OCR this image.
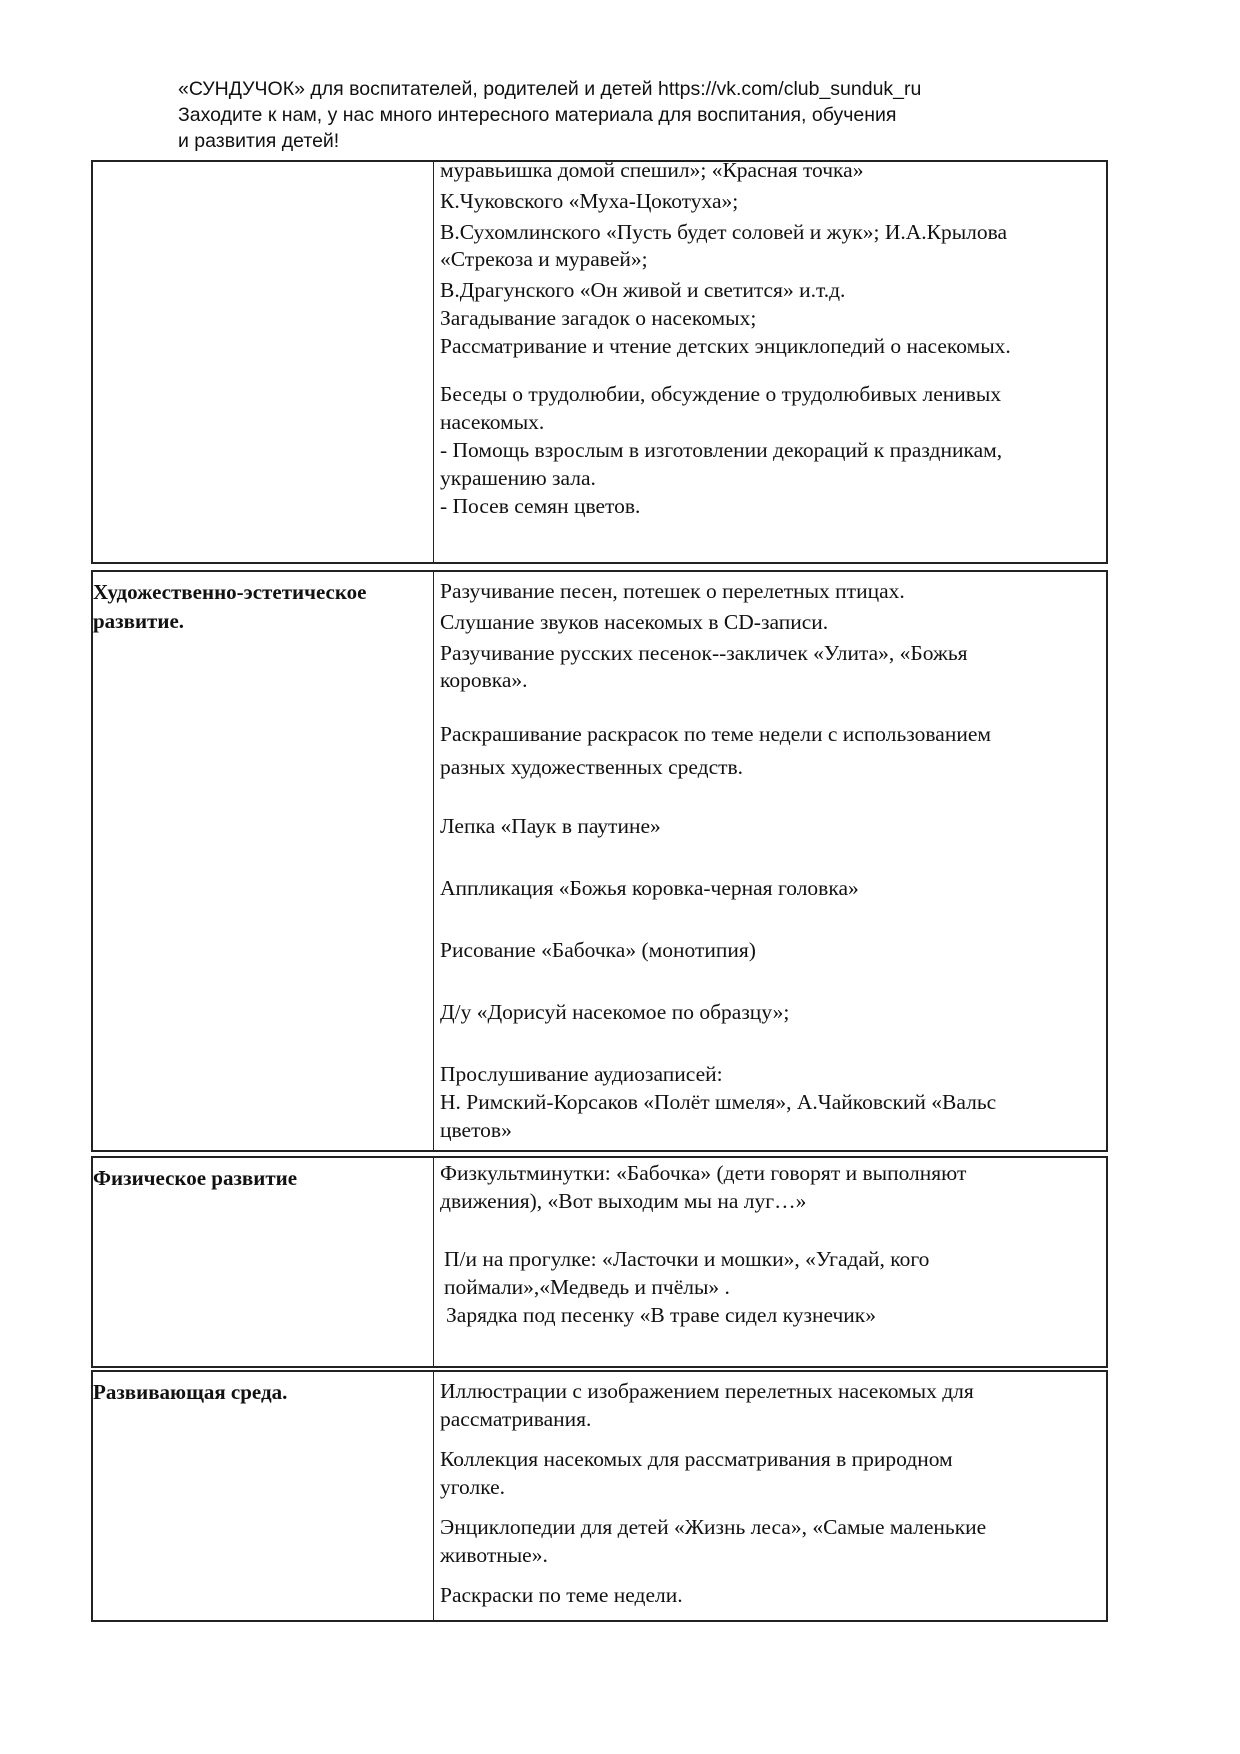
«СУНДУЧОК» для воспитателей, родителей и детей https://vk.com/club_sunduk_ru
Заходите к нам, у нас много интересного материала для воспитания, обучения
и развития детей!
муравьишка домой спешил»; «Красная точка»
К.Чуковского «Муха-Цокотуха»;
В.Сухомлинского «Пусть будет соловей и жук»; И.А.Крылова
«Стрекоза и муравей»;
В.Драгунского «Он живой и светится» и.т.д.
Загадывание загадок о насекомых;
Рассматривание и чтение детских энциклопедий о насекомых.
Беседы о трудолюбии, обсуждение о трудолюбивых ленивых
насекомых.
- Помощь взрослым в изготовлении декораций к праздникам,
украшению зала.
- Посев семян цветов.
Художественно-эстетическое
развитие.
Разучивание песен, потешек о перелетных птицах.
Слушание звуков насекомых в CD-записи.
Разучивание русских песенок--закличек «Улита», «Божья
коровка».
Раскрашивание раскрасок по теме недели с использованием
разных художественных средств.
Лепка «Паук в паутине»
Аппликация «Божья коровка-черная головка»
Рисование «Бабочка» (монотипия)
Д/у «Дорисуй насекомое по образцу»;
Прослушивание аудиозаписей:
Н. Римский-Корсаков «Полёт шмеля», А.Чайковский «Вальс
цветов»
Физическое развитие	Физкультминутки: «Бабочка» (дети говорят и выполняют
движения), «Вот выходим мы на луг…»
П/и на прогулке: «Ласточки и мошки», «Угадай, кого
поймали»,«Медведь и пчёлы» .
Зарядка под песенку «В траве сидел кузнечик»
Развивающая среда.	Иллюстрации с изображением перелетных насекомых для
рассматривания.
Коллекция насекомых для рассматривания в природном
уголке.
Энциклопедии для детей «Жизнь леса», «Самые маленькие
животные».
Раскраски по теме недели.
